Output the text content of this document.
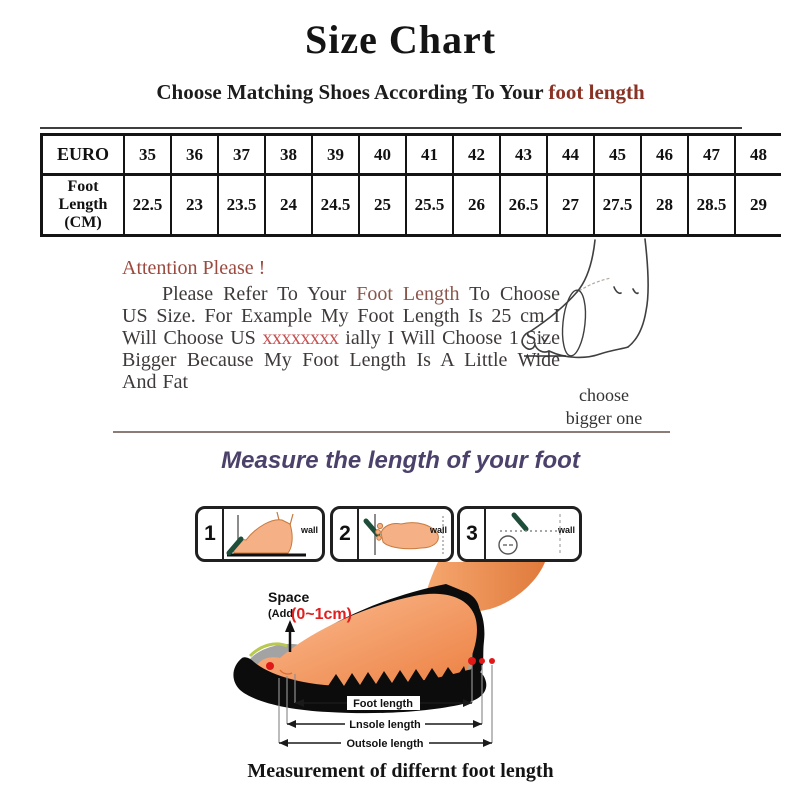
Size Chart
Choose Matching Shoes According To Your foot length
EURO	35	36	37	38	39	40	41	42	43	44	45	46	47	48

Foot
Length
(CM)	22.5	23	23.5	24	24.5	25	25.5	26	26.5	27	27.5	28	28.5	29

Attention Please !

Please Refer To Your Foot Length To Choose US Size. For Example My Foot Length Is 25 cm I Will Choose US xxxxxxxx ially I Will Choose 1 Size Bigger Because My Foot Length Is A Little Wide And Fat

choose
bigger one
Measure the length of your foot
1	wall 2	wall 3	wall
Space
(Add
(0~1cm)
Foot length
Lnsole length
Outsole length
Measurement of differnt foot length
